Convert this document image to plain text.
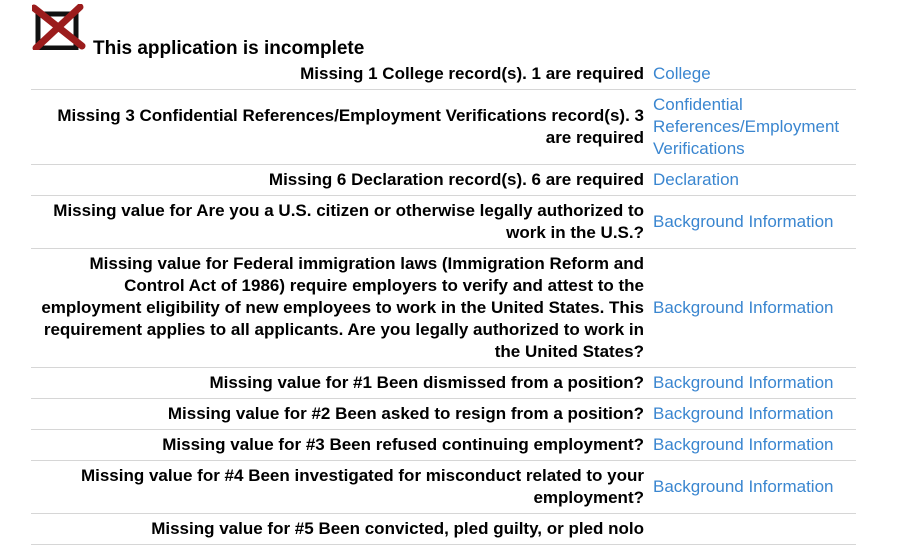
This application is incomplete
Missing 1 College record(s). 1 are required	College
Missing 3 Confidential References/Employment Verifications record(s). 3 are required	Confidential References/Employment Verifications
Missing 6 Declaration record(s). 6 are required	Declaration
Missing value for Are you a U.S. citizen or otherwise legally authorized to work in the U.S.?	Background Information
Missing value for Federal immigration laws (Immigration Reform and Control Act of 1986) require employers to verify and attest to the employment eligibility of new employees to work in the United States. This requirement applies to all applicants. Are you legally authorized to work in the United States?	Background Information
Missing value for #1 Been dismissed from a position?	Background Information
Missing value for #2 Been asked to resign from a position?	Background Information
Missing value for #3 Been refused continuing employment?	Background Information
Missing value for #4 Been investigated for misconduct related to your employment?	Background Information
Missing value for #5 Been convicted, pled guilty, or pled nolo	
